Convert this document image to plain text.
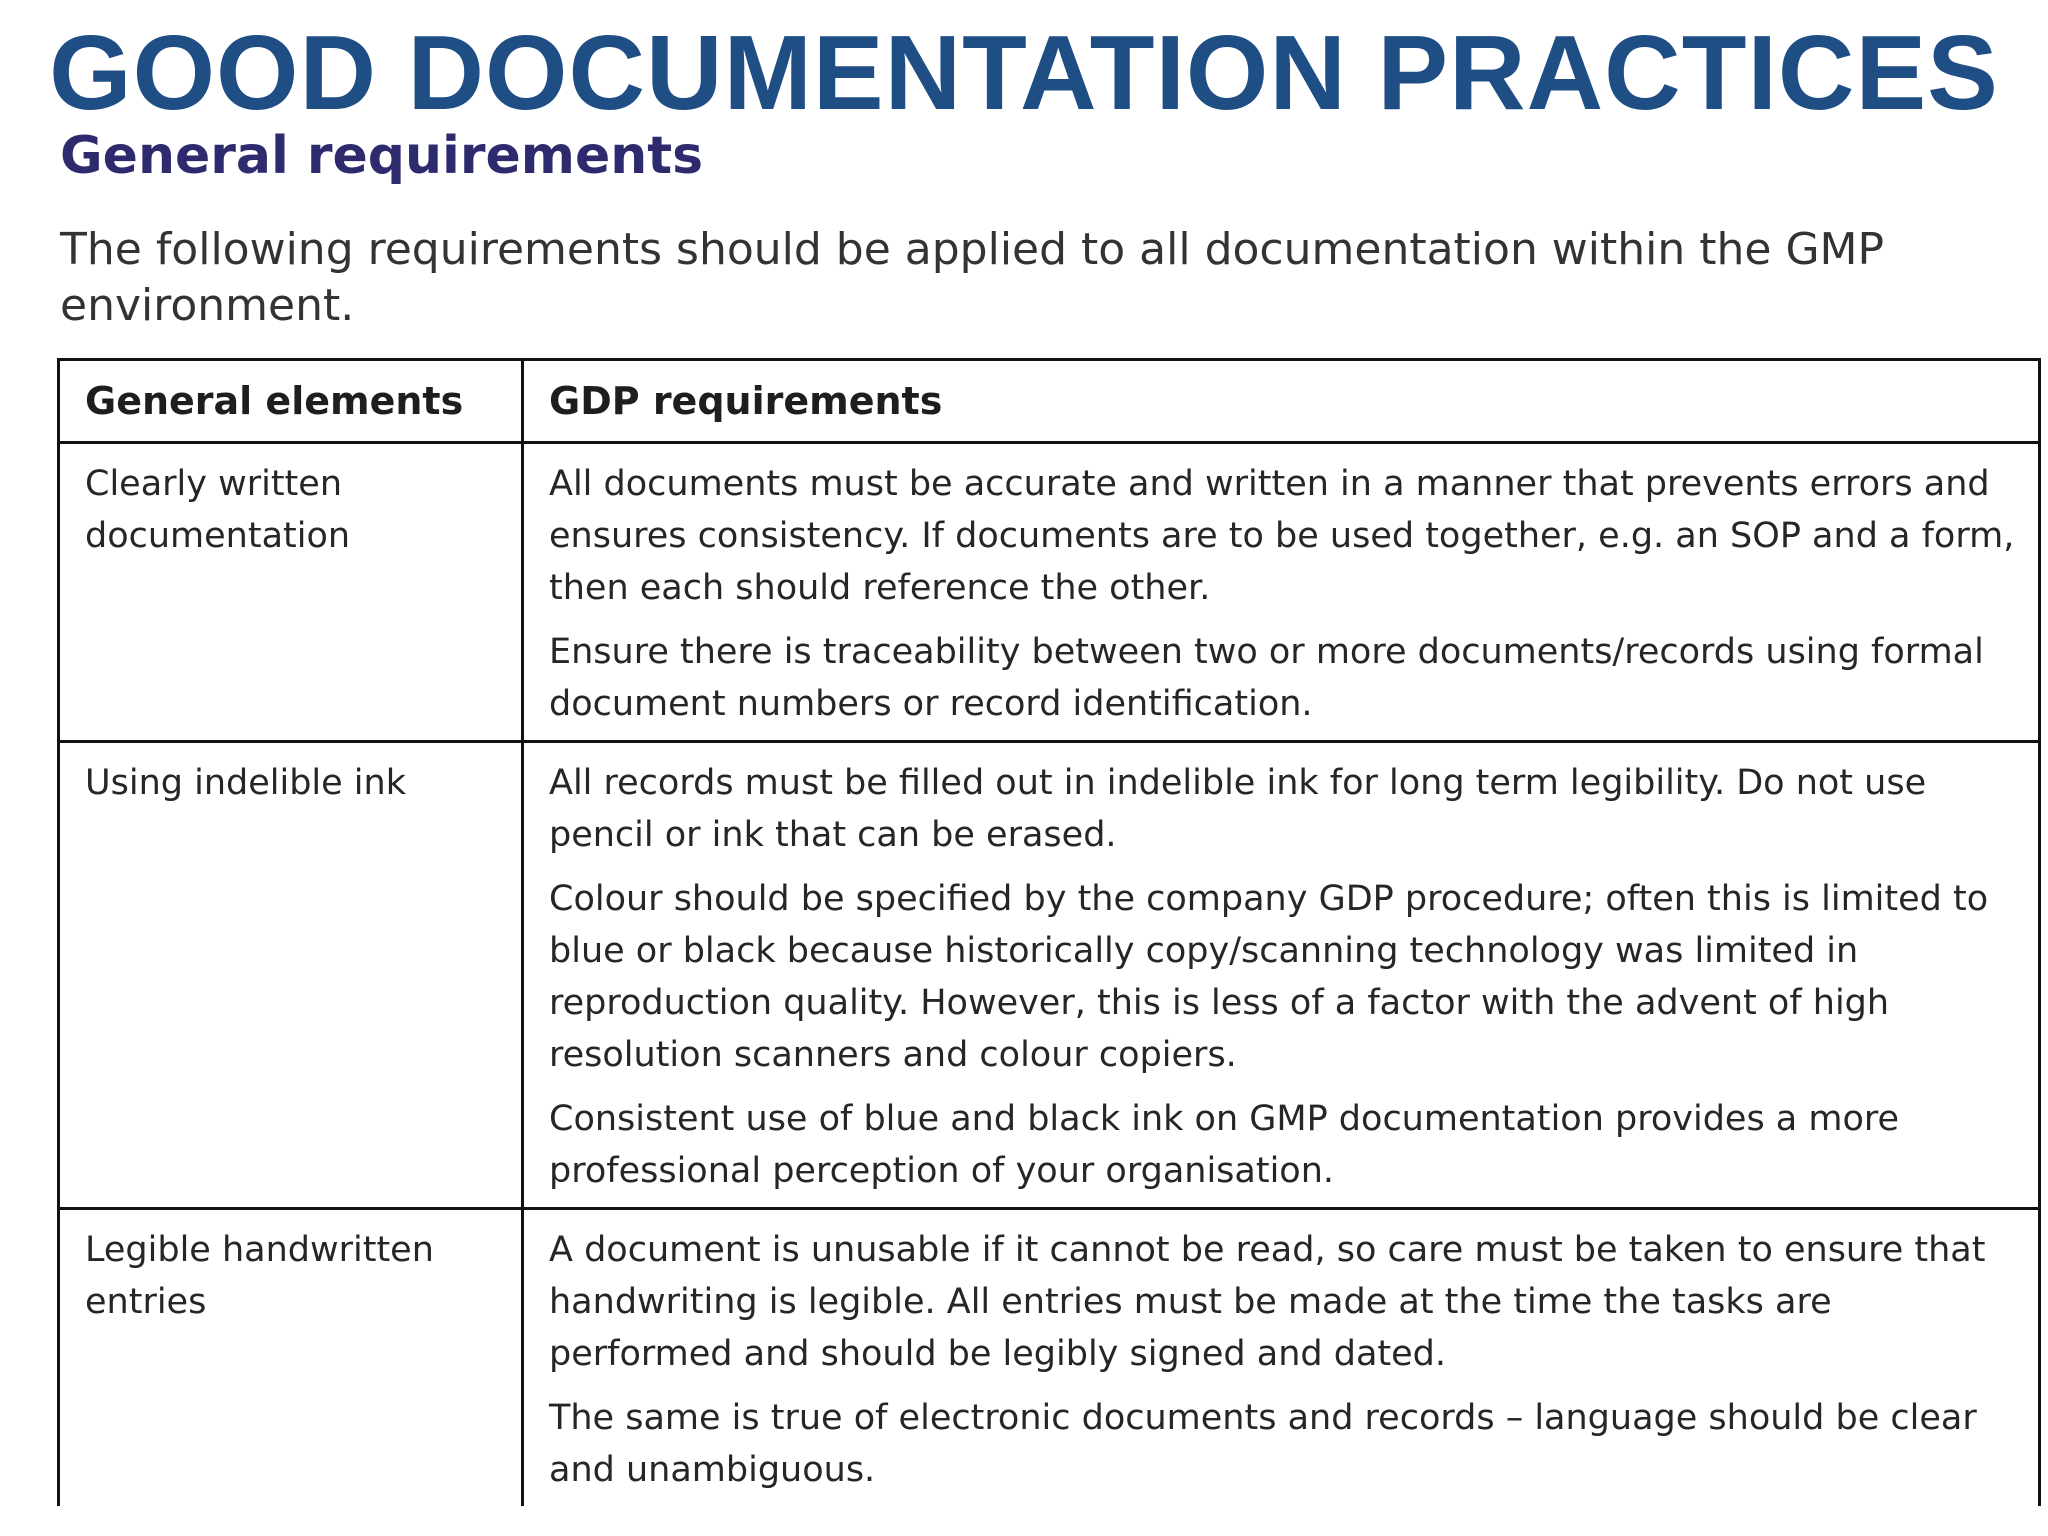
GOOD DOCUMENTATION PRACTICES
General requirements
The following requirements should be applied to all documentation within the GMP environment.
General elements	GDP requirements
Clearly written documentation	All documents must be accurate and written in a manner that prevents errors and ensures consistency. If documents are to be used together, e.g. an SOP and a form, then each should reference the other.

Ensure there is traceability between two or more documents/records using formal document numbers or record identification.

Using indelible ink	All records must be filled out in indelible ink for long term legibility. Do not use pencil or ink that can be erased.

Colour should be specified by the company GDP procedure; often this is limited to blue or black because historically copy/scanning technology was limited in reproduction quality. However, this is less of a factor with the advent of high resolution scanners and colour copiers.

Consistent use of blue and black ink on GMP documentation provides a more professional perception of your organisation.

Legible handwritten entries	A document is unusable if it cannot be read, so care must be taken to ensure that handwriting is legible. All entries must be made at the time the tasks are performed and should be legibly signed and dated.

The same is true of electronic documents and records – language should be clear and unambiguous.
